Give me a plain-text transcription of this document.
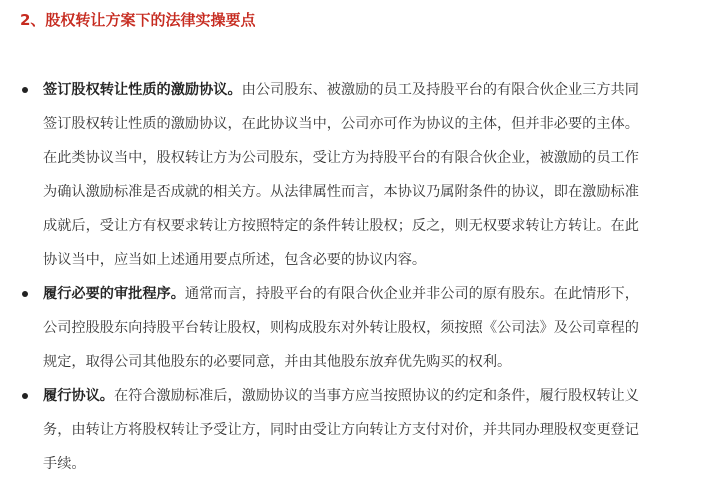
2、股权转让方案下的法律实操要点
签订股权转让性质的激励协议。由公司股东、被激励的员工及持股平台的有限合伙企业三方共同
签订股权转让性质的激励协议，在此协议当中，公司亦可作为协议的主体，但并非必要的主体。
在此类协议当中，股权转让方为公司股东，受让方为持股平台的有限合伙企业，被激励的员工作
为确认激励标准是否成就的相关方。从法律属性而言，本协议乃属附条件的协议，即在激励标准
成就后，受让方有权要求转让方按照特定的条件转让股权；反之，则无权要求转让方转让。在此
协议当中，应当如上述通用要点所述，包含必要的协议内容。
履行必要的审批程序。通常而言，持股平台的有限合伙企业并非公司的原有股东。在此情形下，
公司控股股东向持股平台转让股权，则构成股东对外转让股权，须按照《公司法》及公司章程的
规定，取得公司其他股东的必要同意，并由其他股东放弃优先购买的权利。
履行协议。在符合激励标准后，激励协议的当事方应当按照协议的约定和条件，履行股权转让义
务，由转让方将股权转让予受让方，同时由受让方向转让方支付对价，并共同办理股权变更登记
手续。
